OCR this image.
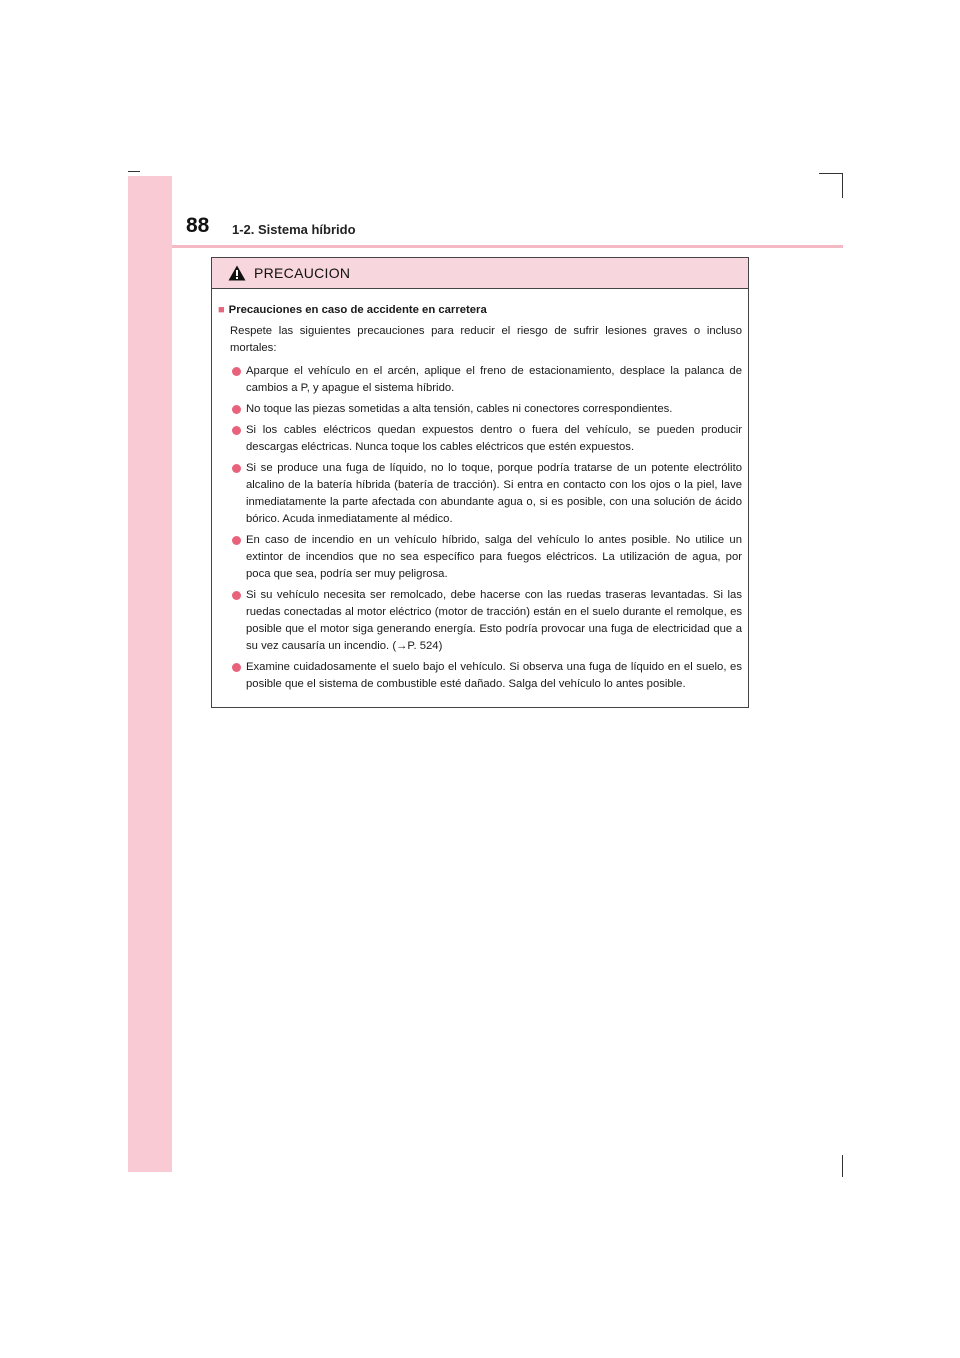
88 1-2. Sistema híbrido
PRECAUCION
■ Precauciones en caso de accidente en carretera
Respete las siguientes precauciones para reducir el riesgo de sufrir lesiones graves o incluso mortales:
Aparque el vehículo en el arcén, aplique el freno de estacionamiento, desplace la palanca de cambios a P, y apague el sistema híbrido.
No toque las piezas sometidas a alta tensión, cables ni conectores correspondientes.
Si los cables eléctricos quedan expuestos dentro o fuera del vehículo, se pueden producir descargas eléctricas. Nunca toque los cables eléctricos que estén expuestos.
Si se produce una fuga de líquido, no lo toque, porque podría tratarse de un potente electrólito alcalino de la batería híbrida (batería de tracción). Si entra en contacto con los ojos o la piel, lave inmediatamente la parte afectada con abundante agua o, si es posible, con una solución de ácido bórico. Acuda inmediatamente al médico.
En caso de incendio en un vehículo híbrido, salga del vehículo lo antes posible. No utilice un extintor de incendios que no sea específico para fuegos eléctricos. La utilización de agua, por poca que sea, podría ser muy peligrosa.
Si su vehículo necesita ser remolcado, debe hacerse con las ruedas traseras levantadas. Si las ruedas conectadas al motor eléctrico (motor de tracción) están en el suelo durante el remolque, es posible que el motor siga generando energía. Esto podría provocar una fuga de electricidad que a su vez causaría un incendio. (→P. 524)
Examine cuidadosamente el suelo bajo el vehículo. Si observa una fuga de líquido en el suelo, es posible que el sistema de combustible esté dañado. Salga del vehículo lo antes posible.
